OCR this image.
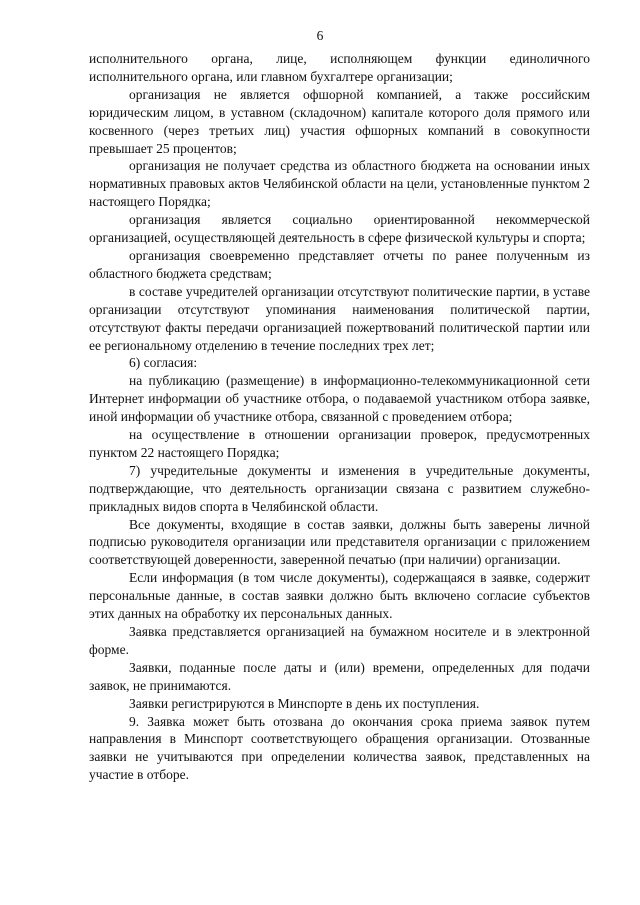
6

исполнительного органа, лице, исполняющем функции единоличного исполнительного органа, или главном бухгалтере организации;

организация не является офшорной компанией, а также российским юридическим лицом, в уставном (складочном) капитале которого доля прямого или косвенного (через третьих лиц) участия офшорных компаний в совокупности превышает 25 процентов;

организация не получает средства из областного бюджета на основании иных нормативных правовых актов Челябинской области на цели, установленные пунктом 2 настоящего Порядка;

организация является социально ориентированной некоммерческой организацией, осуществляющей деятельность в сфере физической культуры и спорта;

организация своевременно представляет отчеты по ранее полученным из областного бюджета средствам;

в составе учредителей организации отсутствуют политические партии, в уставе организации отсутствуют упоминания наименования политической партии, отсутствуют факты передачи организацией пожертвований политической партии или ее региональному отделению в течение последних трех лет;

6) согласия:

на публикацию (размещение) в информационно-телекоммуникационной сети Интернет информации об участнике отбора, о подаваемой участником отбора заявке, иной информации об участнике отбора, связанной с проведением отбора;

на осуществление в отношении организации проверок, предусмотренных пунктом 22 настоящего Порядка;

7) учредительные документы и изменения в учредительные документы, подтверждающие, что деятельность организации связана с развитием служебно-прикладных видов спорта в Челябинской области.

Все документы, входящие в состав заявки, должны быть заверены личной подписью руководителя организации или представителя организации с приложением соответствующей доверенности, заверенной печатью (при наличии) организации.

Если информация (в том числе документы), содержащаяся в заявке, содержит персональные данные, в состав заявки должно быть включено согласие субъектов этих данных на обработку их персональных данных.

Заявка представляется организацией на бумажном носителе и в электронной форме.

Заявки, поданные после даты и (или) времени, определенных для подачи заявок, не принимаются.

Заявки регистрируются в Минспорте в день их поступления.

9. Заявка может быть отозвана до окончания срока приема заявок путем направления в Минспорт соответствующего обращения организации. Отозванные заявки не учитываются при определении количества заявок, представленных на участие в отборе.
